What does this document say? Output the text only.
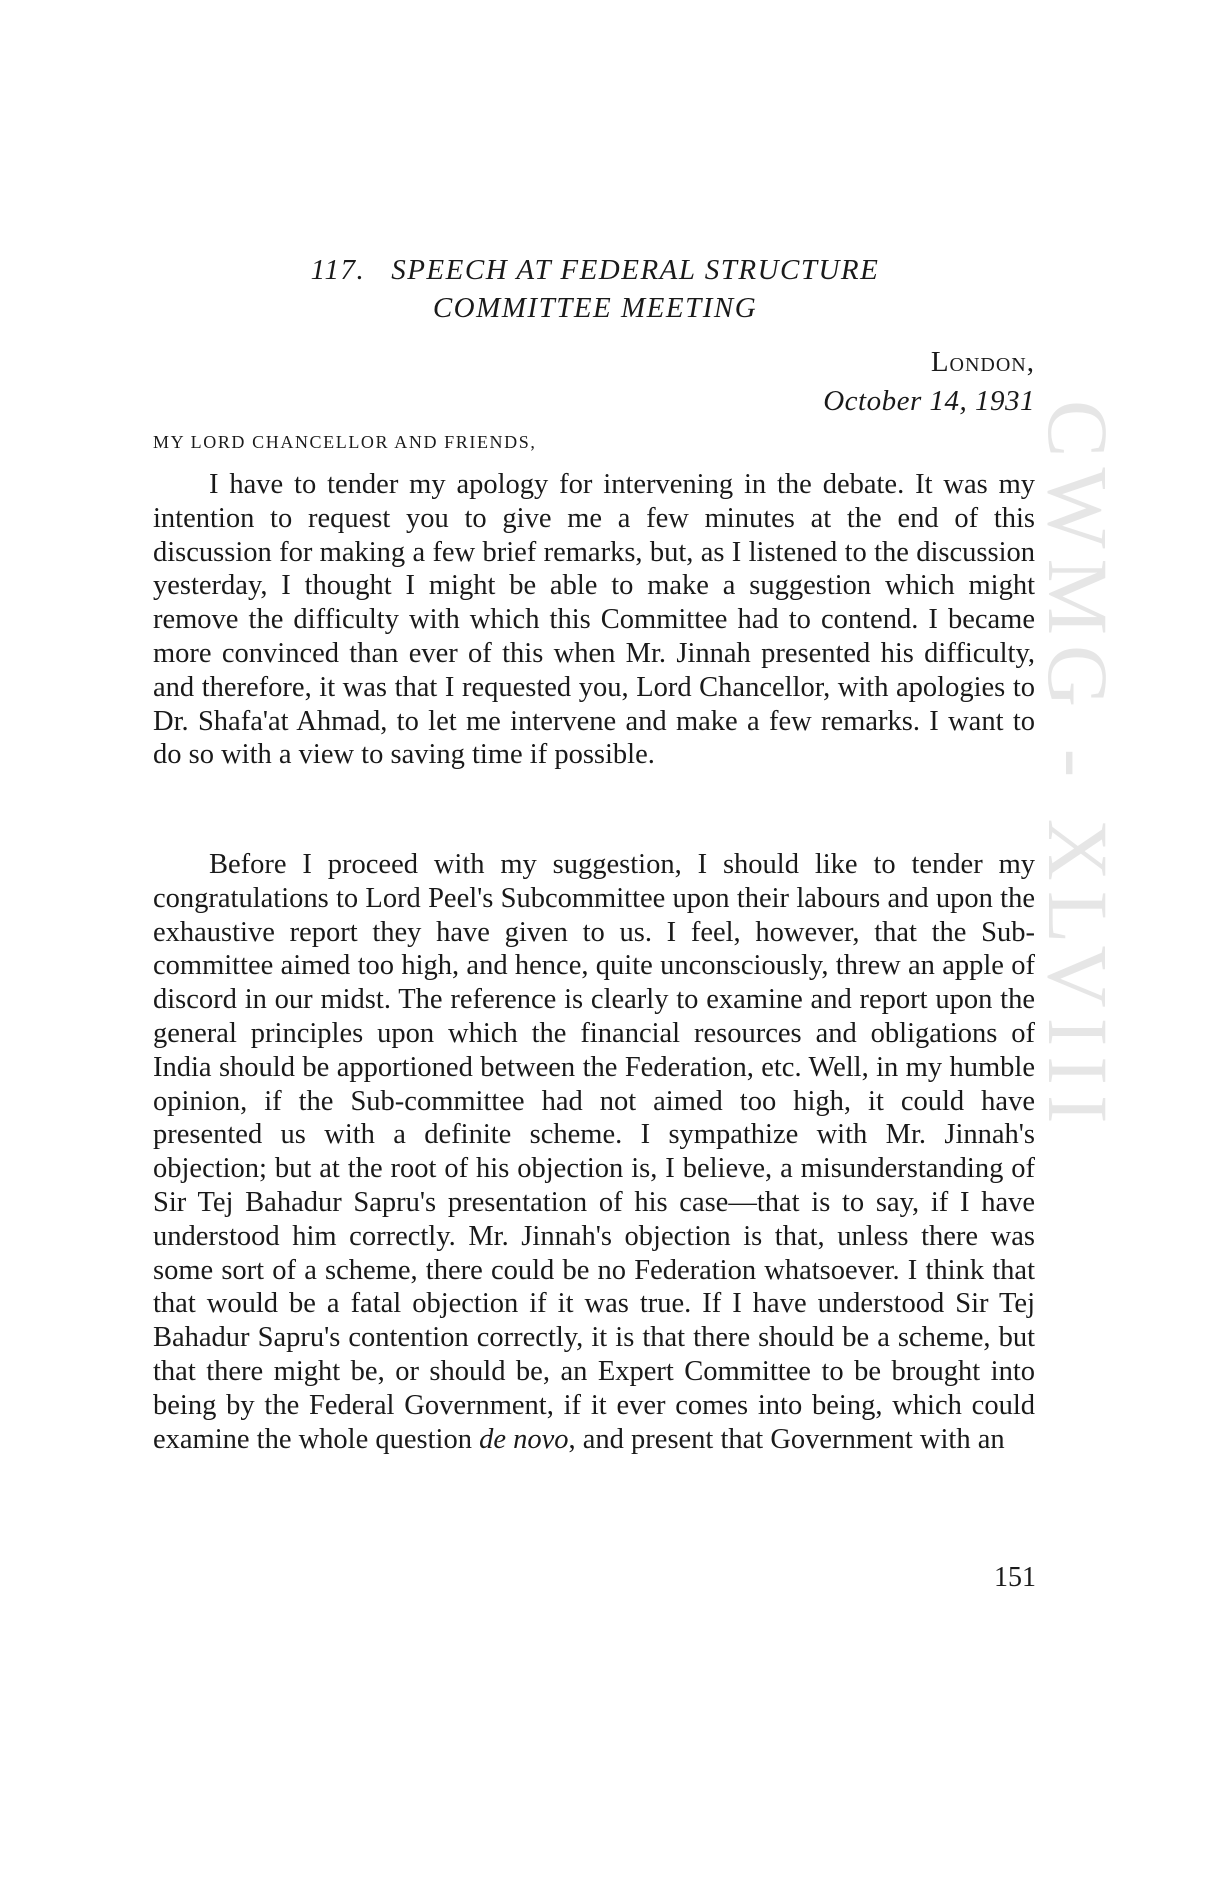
CWMG - XLVIII
117. SPEECH AT FEDERAL STRUCTURE
COMMITTEE MEETING
London,
October 14, 1931
MY LORD CHANCELLOR AND FRIENDS,

I have to tender my apology for intervening in the debate. It was my intention to request you to give me a few minutes at the end of this discussion for making a few brief remarks, but, as I listened to the discussion yesterday, I thought I might be able to make a suggestion which might remove the difficulty with which this Committee had to contend. I became more convinced than ever of this when Mr. Jinnah presented his difficulty, and therefore, it was that I requested you, Lord Chancellor, with apologies to Dr. Shafa'at Ahmad, to let me intervene and make a few remarks. I want to do so with a view to saving time if possible.

Before I proceed with my suggestion, I should like to tender my congratulations to Lord Peel's Subcommittee upon their labours and upon the exhaustive report they have given to us. I feel, however, that the Sub-committee aimed too high, and hence, quite unconsciously, threw an apple of discord in our midst. The reference is clearly to examine and report upon the general principles upon which the financial resources and obligations of India should be apportioned between the Federation, etc. Well, in my humble opinion, if the Sub-committee had not aimed too high, it could have presented us with a definite scheme. I sympathize with Mr. Jinnah's objection; but at the root of his objection is, I believe, a misunderstanding of Sir Tej Bahadur Sapru's presentation of his case—that is to say, if I have understood him correctly. Mr. Jinnah's objection is that, unless there was some sort of a scheme, there could be no Federation whatsoever. I think that that would be a fatal objection if it was true. If I have understood Sir Tej Bahadur Sapru's contention correctly, it is that there should be a scheme, but that there might be, or should be, an Expert Committee to be brought into being by the Federal Government, if it ever comes into being, which could examine the whole question de novo, and present that Government with an

151
